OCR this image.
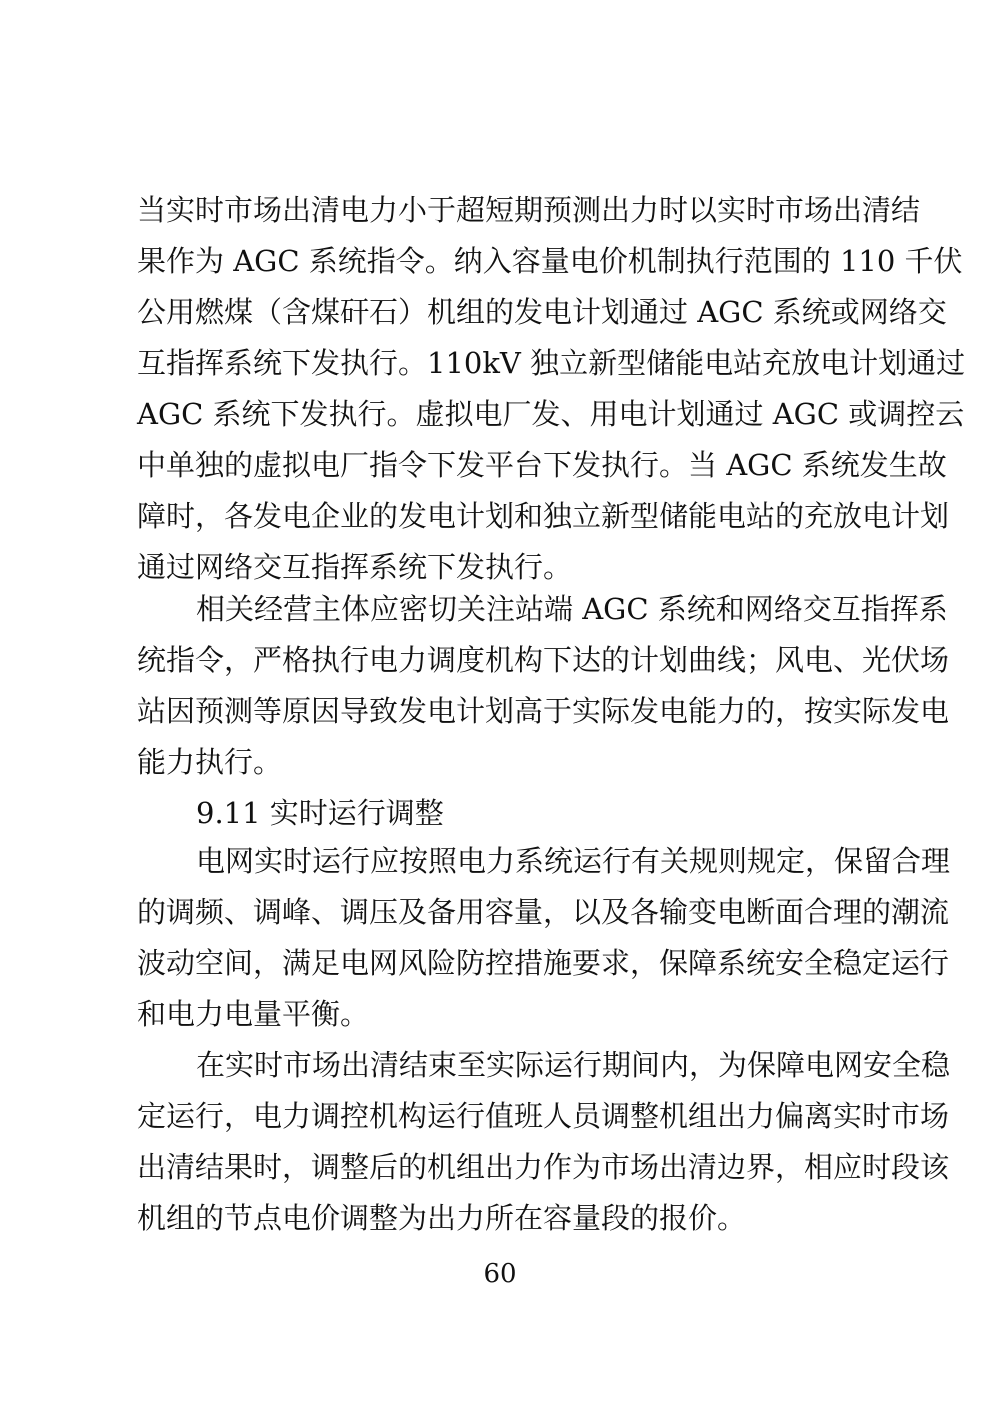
当实时市场出清电力小于超短期预测出力时以实时市场出清结
果作为 AGC 系统指令。纳入容量电价机制执行范围的 110 千伏
公用燃煤（含煤矸石）机组的发电计划通过 AGC 系统或网络交
互指挥系统下发执行。110kV 独立新型储能电站充放电计划通过
AGC 系统下发执行。虚拟电厂发、用电计划通过 AGC 或调控云
中单独的虚拟电厂指令下发平台下发执行。当 AGC 系统发生故
障时，各发电企业的发电计划和独立新型储能电站的充放电计划
通过网络交互指挥系统下发执行。
相关经营主体应密切关注站端 AGC 系统和网络交互指挥系
统指令，严格执行电力调度机构下达的计划曲线；风电、光伏场
站因预测等原因导致发电计划高于实际发电能力的，按实际发电
能力执行。
9.11 实时运行调整
电网实时运行应按照电力系统运行有关规则规定，保留合理
的调频、调峰、调压及备用容量，以及各输变电断面合理的潮流
波动空间，满足电网风险防控措施要求，保障系统安全稳定运行
和电力电量平衡。
在实时市场出清结束至实际运行期间内，为保障电网安全稳
定运行，电力调控机构运行值班人员调整机组出力偏离实时市场
出清结果时，调整后的机组出力作为市场出清边界，相应时段该
机组的节点电价调整为出力所在容量段的报价。
60
